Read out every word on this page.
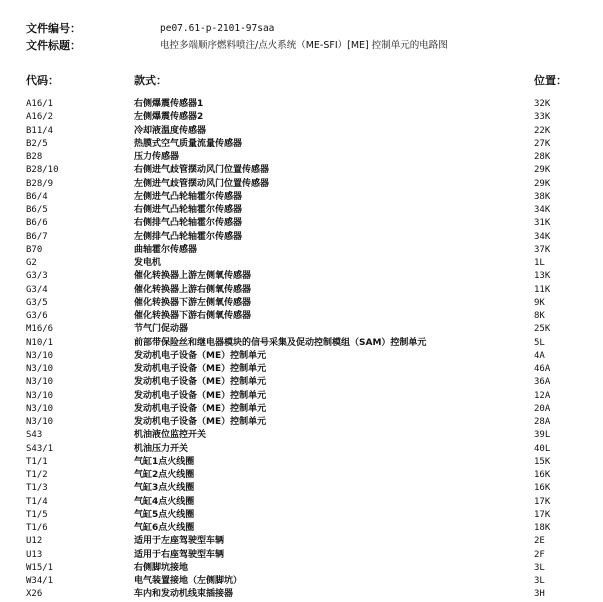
文件编号：	pe07.61-p-2101-97saa
文件标题：	电控多端顺序燃料喷注/点火系统（ME-SFI）[ME] 控制单元的电路图
代码：	款式：	位置：
A16/1	右侧爆震传感器1	32K
A16/2	左侧爆震传感器2	33K
B11/4	冷却液温度传感器	22K
B2/5	热膜式空气质量流量传感器	27K
B28	压力传感器	28K
B28/10	右侧进气歧管摆动风门位置传感器	29K
B28/9	左侧进气歧管摆动风门位置传感器	29K
B6/4	左侧进气凸轮轴霍尔传感器	38K
B6/5	右侧进气凸轮轴霍尔传感器	34K
B6/6	右侧排气凸轮轴霍尔传感器	31K
B6/7	左侧排气凸轮轴霍尔传感器	34K
B70	曲轴霍尔传感器	37K
G2	发电机	1L
G3/3	催化转换器上游左侧氧传感器	13K
G3/4	催化转换器上游右侧氧传感器	11K
G3/5	催化转换器下游左侧氧传感器	9K
G3/6	催化转换器下游右侧氧传感器	8K
M16/6	节气门促动器	25K
N10/1	前部带保险丝和继电器模块的信号采集及促动控制模组（SAM）控制单元	5L
N3/10	发动机电子设备（ME）控制单元	4A
N3/10	发动机电子设备（ME）控制单元	46A
N3/10	发动机电子设备（ME）控制单元	36A
N3/10	发动机电子设备（ME）控制单元	12A
N3/10	发动机电子设备（ME）控制单元	20A
N3/10	发动机电子设备（ME）控制单元	28A
S43	机油液位监控开关	39L
S43/1	机油压力开关	40L
T1/1	气缸1点火线圈	15K
T1/2	气缸2点火线圈	16K
T1/3	气缸3点火线圈	16K
T1/4	气缸4点火线圈	17K
T1/5	气缸5点火线圈	17K
T1/6	气缸6点火线圈	18K
U12	适用于左座驾驶型车辆	2E
U13	适用于右座驾驶型车辆	2F
W15/1	右侧脚坑接地	3L
W34/1	电气装置接地（左侧脚坑）	3L
X26	车内和发动机线束插接器	3H
